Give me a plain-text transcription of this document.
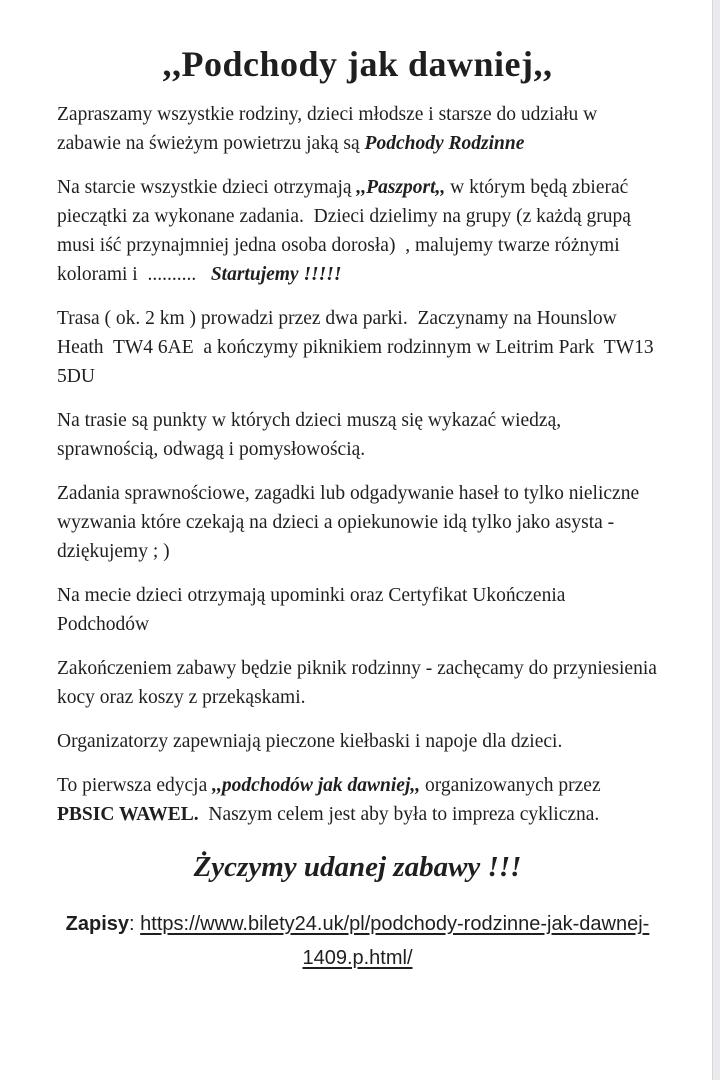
,,Podchody jak dawniej,,

Zapraszamy wszystkie rodziny, dzieci młodsze i starsze do udziału w zabawie na świeżym powietrzu jaką są Podchody Rodzinne

Na starcie wszystkie dzieci otrzymają ,,Paszport,, w którym będą zbierać pieczątki za wykonane zadania.  Dzieci dzielimy na grupy (z każdą grupą musi iść przynajmniej jedna osoba dorosła)  , malujemy twarze różnymi kolorami i  ..........   Startujemy !!!!!

Trasa ( ok. 2 km ) prowadzi przez dwa parki.  Zaczynamy na Hounslow Heath  TW4 6AE  a kończymy piknikiem rodzinnym w Leitrim Park  TW13 5DU

Na trasie są punkty w których dzieci muszą się wykazać wiedzą, sprawnością, odwagą i pomysłowością.

Zadania sprawnościowe, zagadki lub odgadywanie haseł to tylko nieliczne wyzwania które czekają na dzieci a opiekunowie idą tylko jako asysta - dziękujemy ; )

Na mecie dzieci otrzymają upominki oraz Certyfikat Ukończenia Podchodów

Zakończeniem zabawy będzie piknik rodzinny - zachęcamy do przyniesienia kocy oraz koszy z przekąskami.

Organizatorzy zapewniają pieczone kiełbaski i napoje dla dzieci.

To pierwsza edycja ,,podchodów jak dawniej,, organizowanych przez PBSIC WAWEL.  Naszym celem jest aby była to impreza cykliczna.

Życzymy udanej zabawy !!!

Zapisy: https://www.bilety24.uk/pl/podchody-rodzinne-jak-dawnej-1409.p.html/
